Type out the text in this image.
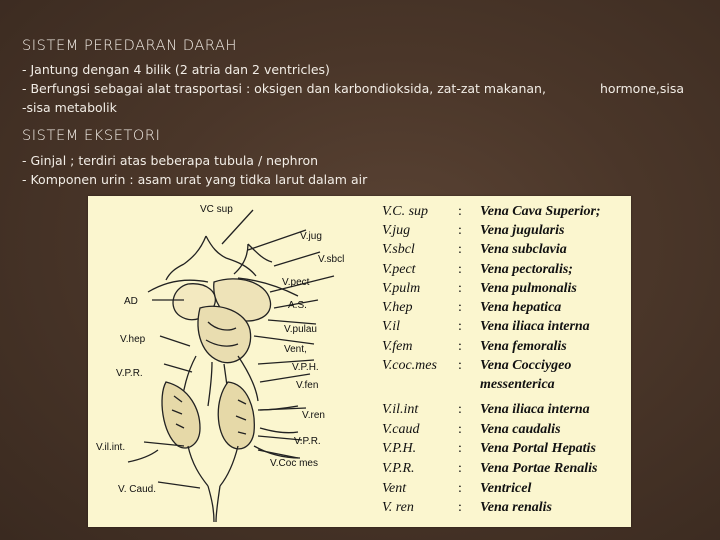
SISTEM PEREDARAN DARAH
- Jantung dengan 4 bilik (2 atria dan 2 ventricles)
- Berfungsi sebagai alat trasportasi : oksigen dan karbondioksida, zat-zat makanan,	hormone,sisa
-sisa metabolik
SISTEM EKSETORI
- Ginjal ; terdiri atas beberapa tubula / nephron
- Komponen urin : asam urat yang tidka larut dalam air
VC sup
V.jug
V.sbcl
V.pect
AD	A.S.
V.pulau
V.hep
Vent,
V.P.H.
V.P.R.
V.fen
V.ren
V.P.R.
V.il.int.
V.Coc mes
V. Caud.
V.C. sup : Vena Cava Superior;
V.jug	: Vena jugularis
V.sbcl	: Vena subclavia
V.pect	: Vena pectoralis;
V.pulm	: Vena pulmonalis
V.hep	: Vena hepatica
V.il	: Vena iliaca interna
V.fem	: Vena femoralis
V.coc.mes : Vena Cocciygeo
messenterica
V.il.int	: Vena iliaca interna
V.caud	: Vena caudalis
V.P.H.	: Vena Portal Hepatis
V.P.R.	: Vena Portae Renalis
Vent	: Ventricel
V. ren	: Vena renalis
